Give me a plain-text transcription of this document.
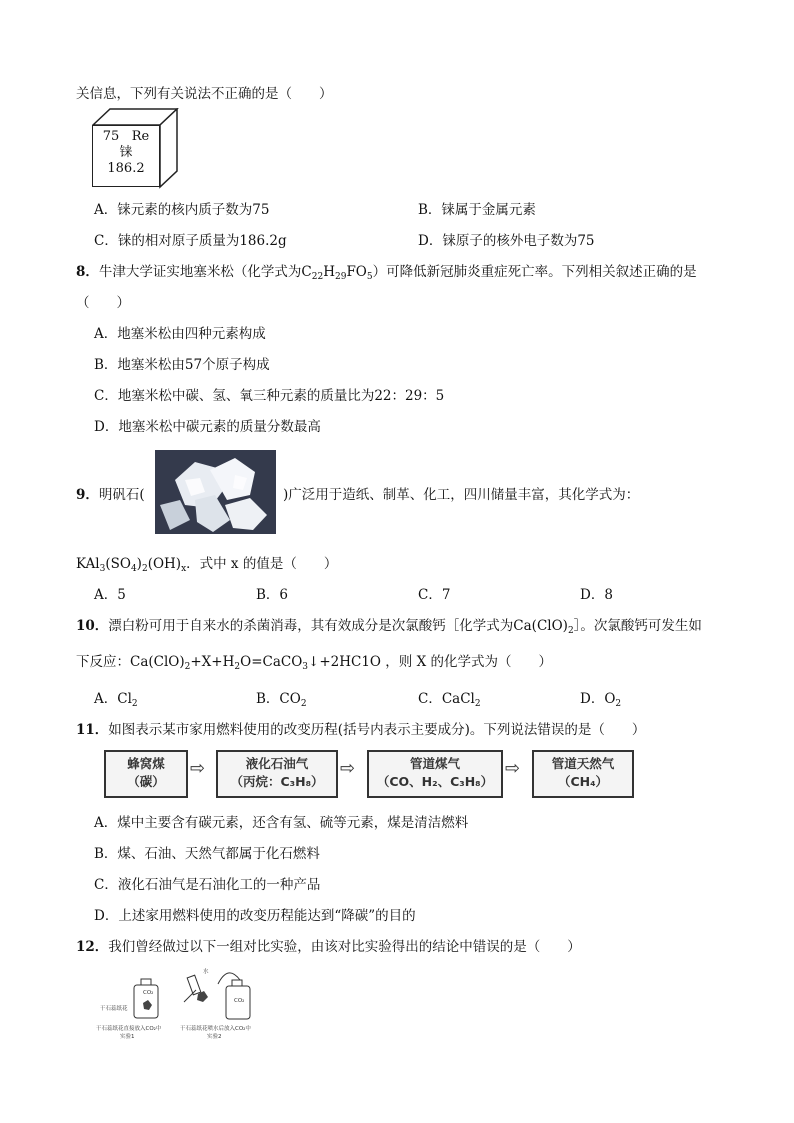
关信息，下列有关说法不正确的是（　　）
75 Re
铼
186.2
A．铼元素的核内质子数为75	B．铼属于金属元素
C．铼的相对原子质量为186.2g	D．铼原子的核外电子数为75
8．牛津大学证实地塞米松（化学式为$C_{22}H_{29}FO_5$）可降低新冠肺炎重症死亡率。下列相关叙述正确的是
（　　）
A．地塞米松由四种元素构成
B．地塞米松由57个原子构成
C．地塞米松中碳、氢、氧三种元素的质量比为22：29：5
D．地塞米松中碳元素的质量分数最高
9．明矾石(	)广泛用于造纸、制革、化工，四川储量丰富，其化学式为：
$KAl_3(SO_4)_2(OH)_x$．式中 x 的值是（　　）
A．5	B．6	C．7	D．8
10．漂白粉可用于自来水的杀菌消毒，其有效成分是次氯酸钙［化学式为$Ca(ClO)_2]$。次氯酸钙可发生如
下反应：$Ca(ClO)_2+X+H_2O=CaCO_3↓+2HC1O$ ，则 X 的化学式为（　　）
A．$Cl_2$	B．$CO_2$	C．CaCl$_2$	D．$O_2$
11．如图表示某市家用燃料使用的改变历程(括号内表示主要成分)。下列说法错误的是（　　）
蜂窝煤
（碳）
⇨	液化石油气
（丙烷：C₃H₈）
⇨	管道煤气
（CO、H₂、C₃H₈）
⇨	管道天然气
（CH₄）
A．煤中主要含有碳元素，还含有氢、硫等元素，煤是清洁燃料
B．煤、石油、天然气都属于化石燃料
C．液化石油气是石油化工的一种产品
D．上述家用燃料使用的改变历程能达到“降碳”的目的
12．我们曾经做过以下一组对比实验，由该对比实验得出的结论中错误的是（　　）
CO₂
干石蕊纸花
干石蕊纸花直接放入CO₂中
实验1
水
CO₂
干石蕊纸花喷水后放入CO₂中
实验2
